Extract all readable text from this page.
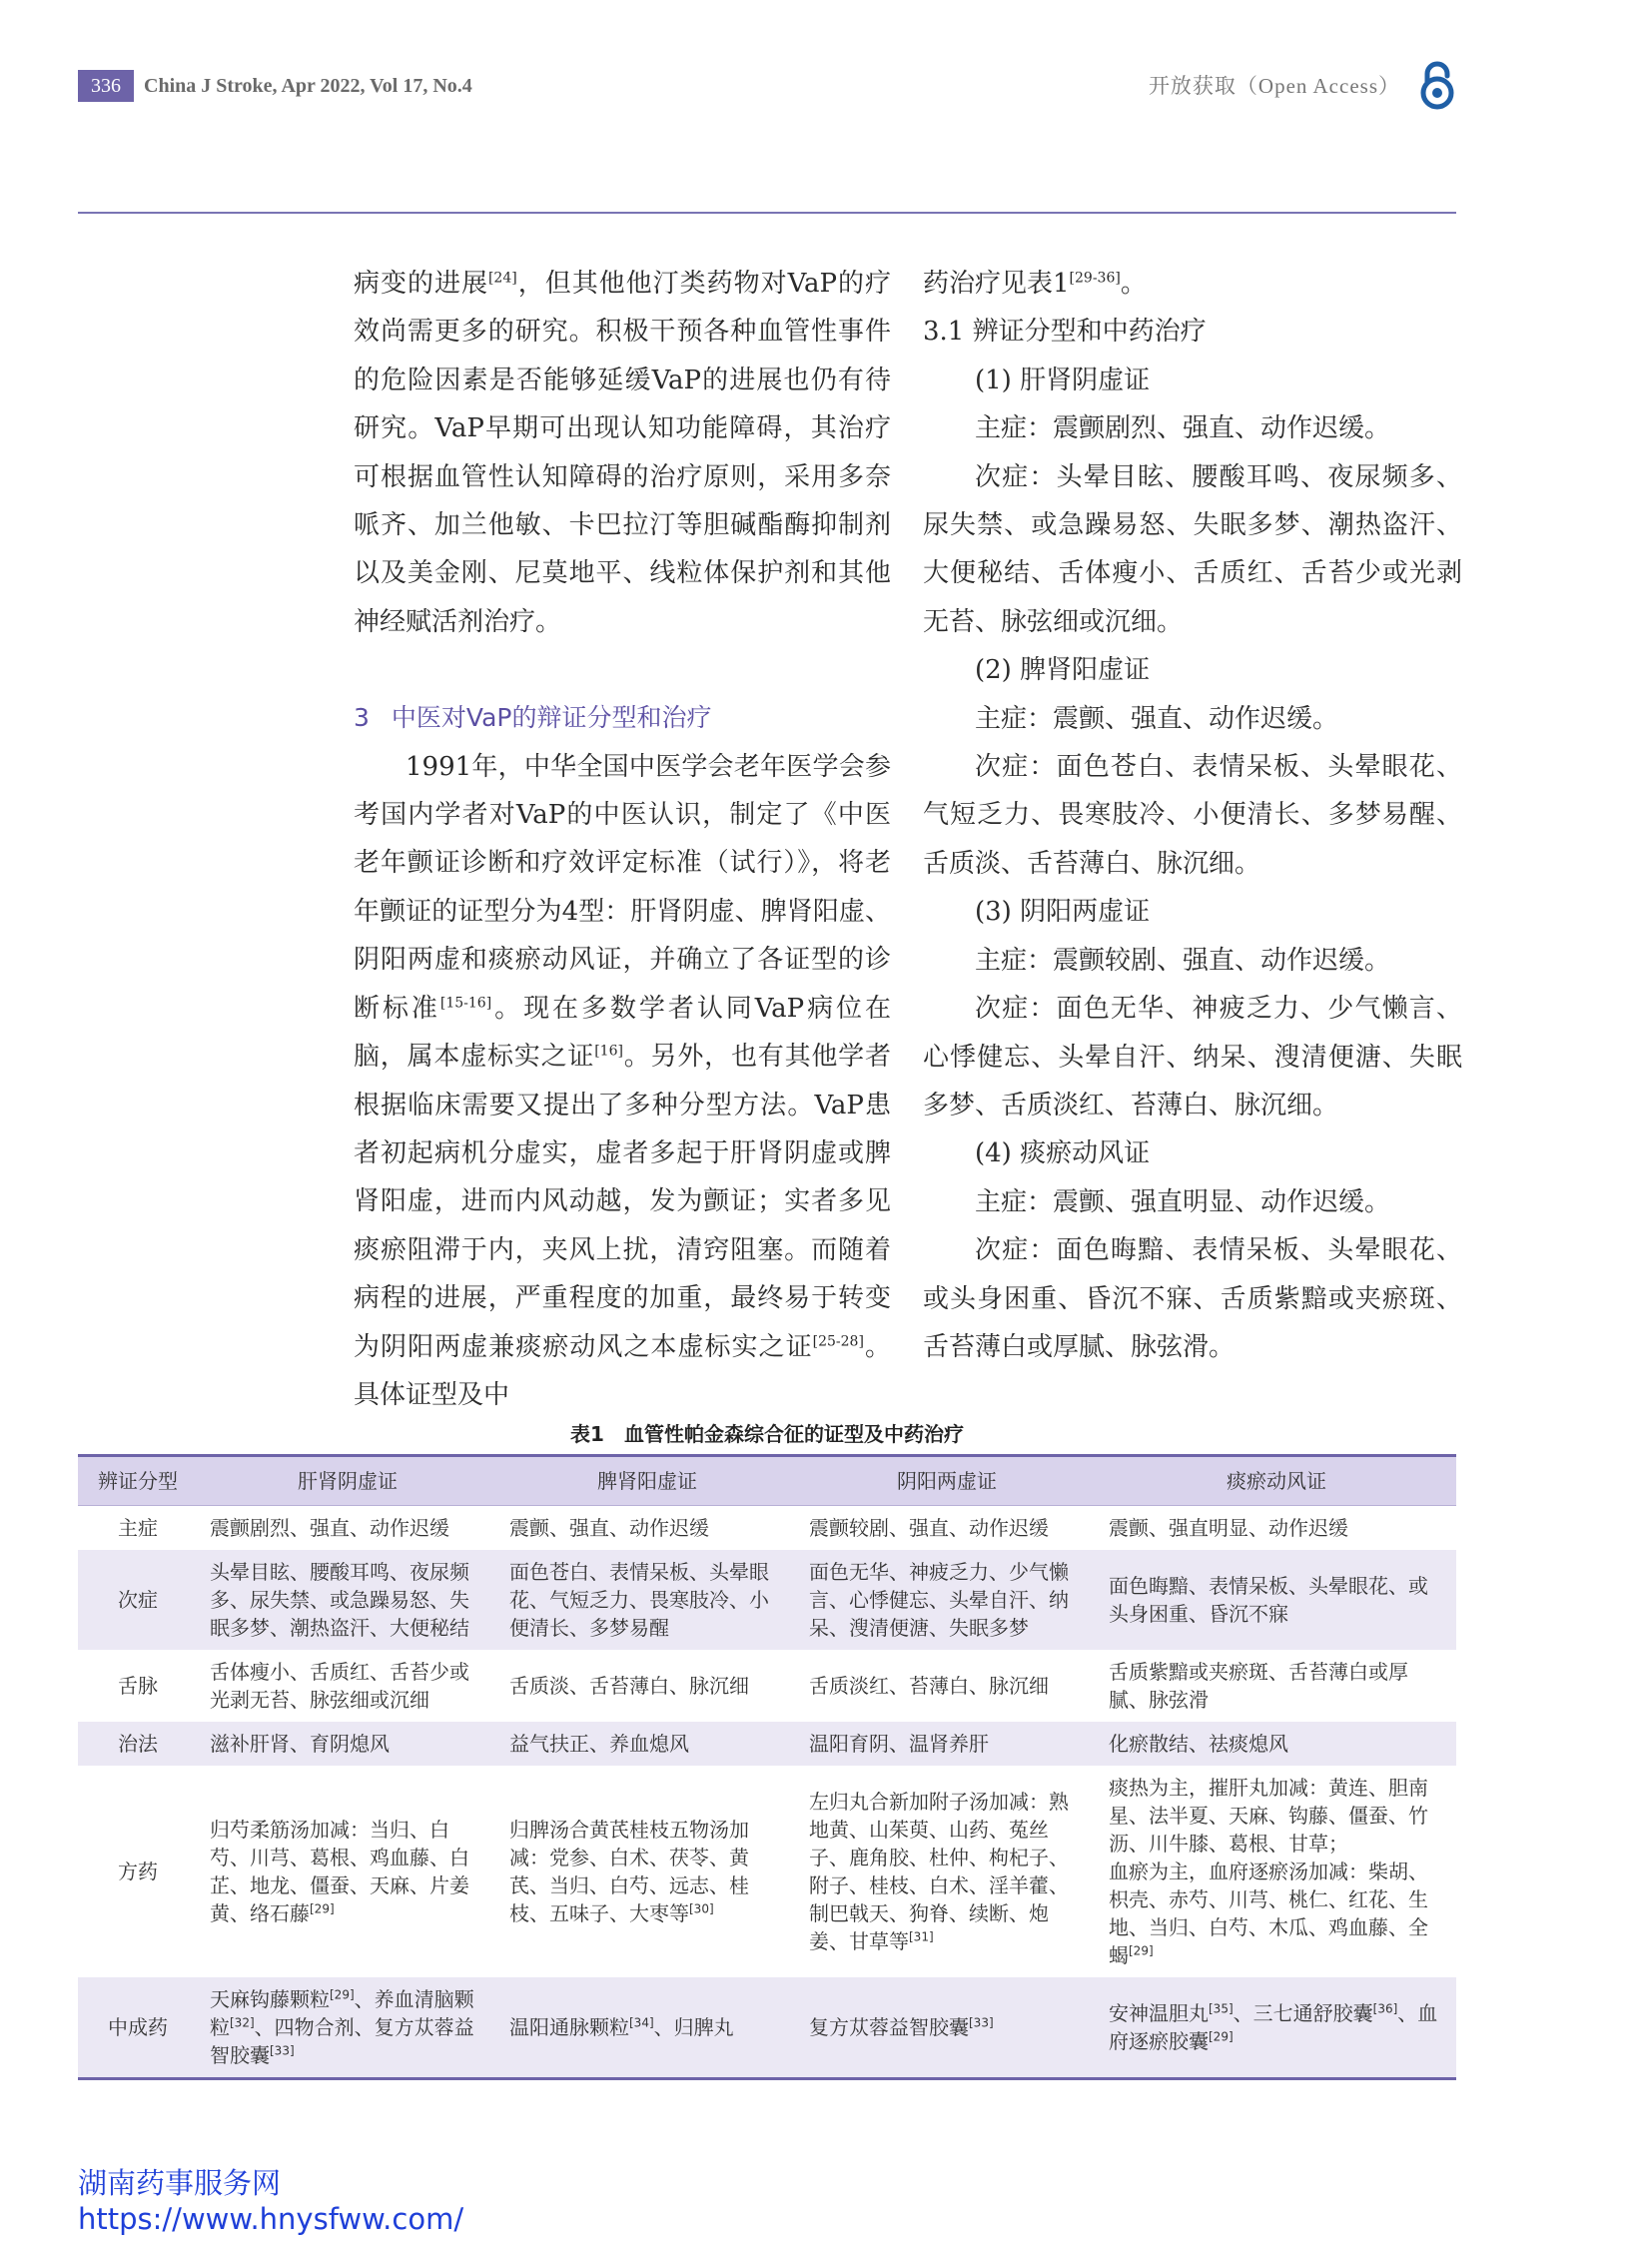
336	China J Stroke, Apr 2022, Vol 17, No.4	开放获取（Open Access）

病变的进展[24]，但其他他汀类药物对VaP的疗效尚需更多的研究。积极干预各种血管性事件的危险因素是否能够延缓VaP的进展也仍有待研究。VaP早期可出现认知功能障碍，其治疗可根据血管性认知障碍的治疗原则，采用多奈哌齐、加兰他敏、卡巴拉汀等胆碱酯酶抑制剂以及美金刚、尼莫地平、线粒体保护剂和其他神经赋活剂治疗。

3 中医对VaP的辩证分型和治疗

1991年，中华全国中医学会老年医学会参考国内学者对VaP的中医认识，制定了《中医老年颤证诊断和疗效评定标准（试行）》，将老年颤证的证型分为4型：肝肾阴虚、脾肾阳虚、阴阳两虚和痰瘀动风证，并确立了各证型的诊断标准[15-16]。现在多数学者认同VaP病位在脑，属本虚标实之证[16]。另外，也有其他学者根据临床需要又提出了多种分型方法。VaP患者初起病机分虚实，虚者多起于肝肾阴虚或脾肾阳虚，进而内风动越，发为颤证；实者多见痰瘀阻滞于内，夹风上扰，清窍阻塞。而随着病程的进展，严重程度的加重，最终易于转变为阴阳两虚兼痰瘀动风之本虚标实之证[25-28]。具体证型及中

药治疗见表1[29-36]。

3.1 辨证分型和中药治疗

(1) 肝肾阴虚证

主症：震颤剧烈、强直、动作迟缓。

次症：头晕目眩、腰酸耳鸣、夜尿频多、尿失禁、或急躁易怒、失眠多梦、潮热盗汗、大便秘结、舌体瘦小、舌质红、舌苔少或光剥无苔、脉弦细或沉细。

(2) 脾肾阳虚证

主症：震颤、强直、动作迟缓。

次症：面色苍白、表情呆板、头晕眼花、气短乏力、畏寒肢冷、小便清长、多梦易醒、舌质淡、舌苔薄白、脉沉细。

(3) 阴阳两虚证

主症：震颤较剧、强直、动作迟缓。

次症：面色无华、神疲乏力、少气懒言、心悸健忘、头晕自汗、纳呆、溲清便溏、失眠多梦、舌质淡红、苔薄白、脉沉细。

(4) 痰瘀动风证

主症：震颤、强直明显、动作迟缓。

次症：面色晦黯、表情呆板、头晕眼花、或头身困重、昏沉不寐、舌质紫黯或夹瘀斑、舌苔薄白或厚腻、脉弦滑。

表1　血管性帕金森综合征的证型及中药治疗
辨证分型	肝肾阴虚证	脾肾阳虚证	阴阳两虚证	痰瘀动风证
主症	震颤剧烈、强直、动作迟缓	震颤、强直、动作迟缓	震颤较剧、强直、动作迟缓	震颤、强直明显、动作迟缓
次症	头晕目眩、腰酸耳鸣、夜尿频多、尿失禁、或急躁易怒、失眠多梦、潮热盗汗、大便秘结	面色苍白、表情呆板、头晕眼花、气短乏力、畏寒肢冷、小便清长、多梦易醒	面色无华、神疲乏力、少气懒言、心悸健忘、头晕自汗、纳呆、溲清便溏、失眠多梦	面色晦黯、表情呆板、头晕眼花、或头身困重、昏沉不寐
舌脉	舌体瘦小、舌质红、舌苔少或光剥无苔、脉弦细或沉细	舌质淡、舌苔薄白、脉沉细	舌质淡红、苔薄白、脉沉细	舌质紫黯或夹瘀斑、舌苔薄白或厚腻、脉弦滑
治法	滋补肝肾、育阴熄风	益气扶正、养血熄风	温阳育阴、温肾养肝	化瘀散结、祛痰熄风
方药	归芍柔筋汤加减：当归、白芍、川芎、葛根、鸡血藤、白芷、地龙、僵蚕、天麻、片姜黄、络石藤[29]	归脾汤合黄芪桂枝五物汤加减：党参、白术、茯苓、黄芪、当归、白芍、远志、桂枝、五味子、大枣等[30]	左归丸合新加附子汤加减：熟地黄、山茱萸、山药、菟丝子、鹿角胶、杜仲、枸杞子、附子、桂枝、白术、淫羊藿、制巴戟天、狗脊、续断、炮姜、甘草等[31]	痰热为主，摧肝丸加减：黄连、胆南星、法半夏、天麻、钩藤、僵蚕、竹沥、川牛膝、葛根、甘草；
血瘀为主，血府逐瘀汤加减：柴胡、枳壳、赤芍、川芎、桃仁、红花、生地、当归、白芍、木瓜、鸡血藤、全蝎[29]
中成药	天麻钩藤颗粒[29]、养血清脑颗粒[32]、四物合剂、复方苁蓉益智胶囊[33]	温阳通脉颗粒[34]、归脾丸	复方苁蓉益智胶囊[33]	安神温胆丸[35]、三七通舒胶囊[36]、血府逐瘀胶囊[29]
湖南药事服务网
https://www.hnysfww.com/
